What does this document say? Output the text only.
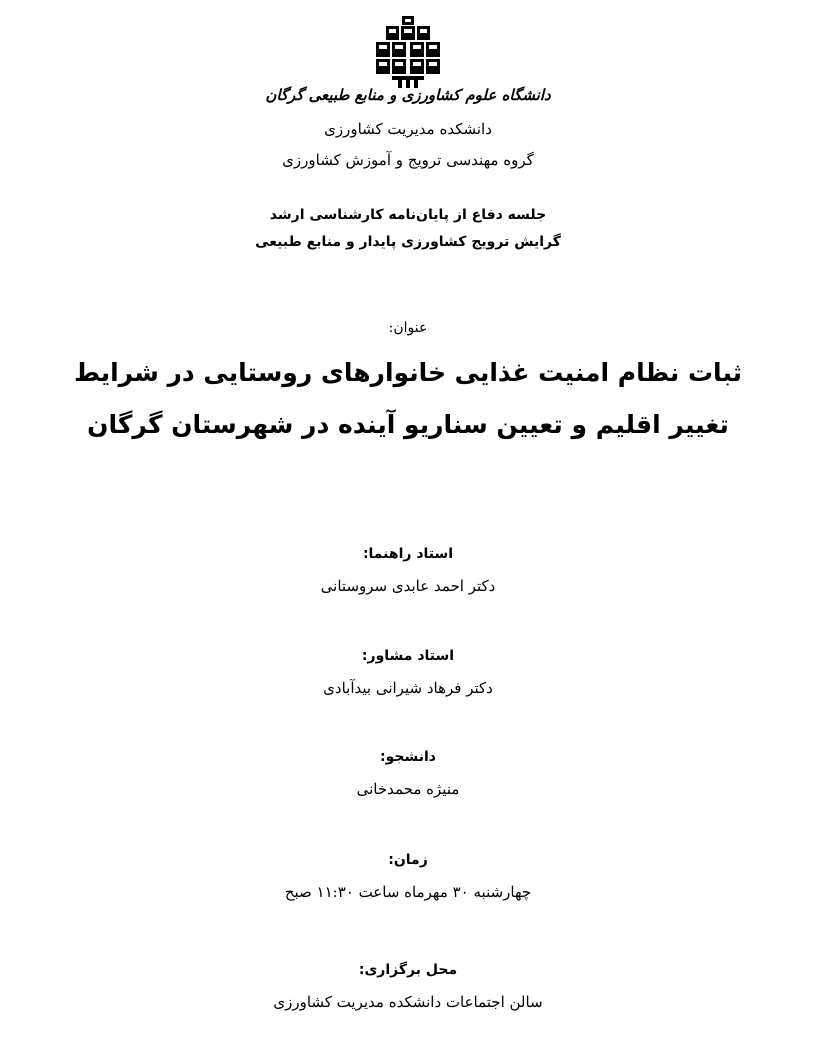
دانشگاه علوم کشاورزی و منابع طبیعی گرگان
دانشکده مدیریت کشاورزی
گروه مهندسی ترویج و آموزش کشاورزی
جلسه دفاع از پایان‌نامه کارشناسی ارشد
گرایش ترویج کشاورزی پایدار و منابع طبیعی
عنوان:
ثبات نظام امنیت غذایی خانوارهای روستایی در شرایط
تغییر اقلیم و تعیین سناریو آینده در شهرستان گرگان
استاد راهنما:
دکتر احمد عابدی سروستانی
استاد مشاور:
دکتر فرهاد شیرانی بیدآبادی
دانشجو:
منیژه محمدخانی
زمان:
چهارشنبه ۳۰ مهرماه ساعت ۱۱:۳۰ صبح
محل برگزاری:
سالن اجتماعات دانشکده مدیریت کشاورزی
